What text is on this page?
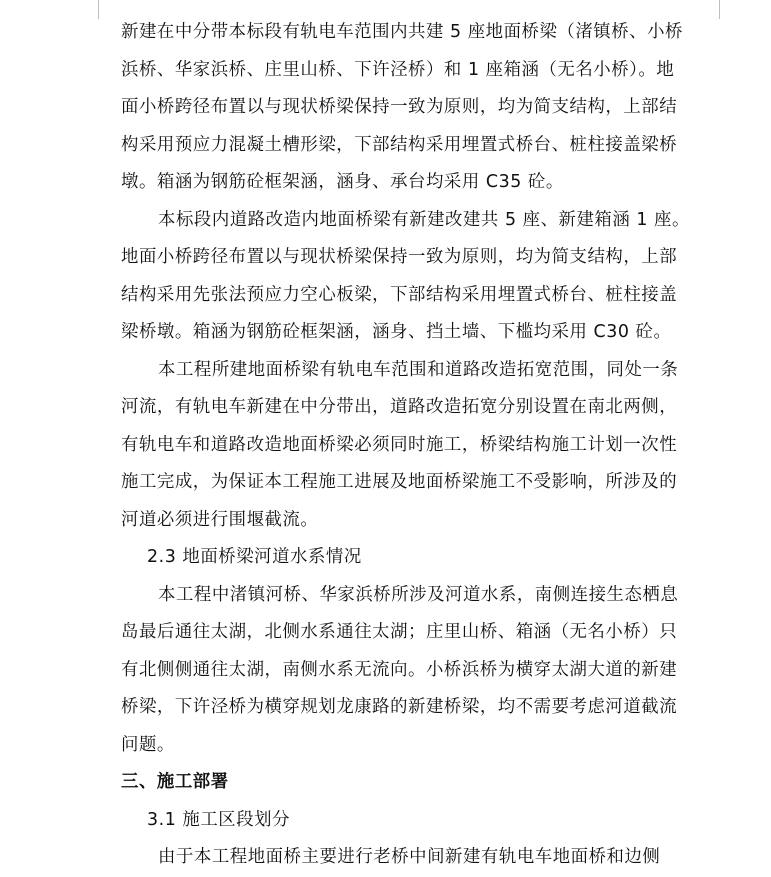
新建在中分带本标段有轨电车范围内共建 5 座地面桥梁（渚镇桥、小桥
浜桥、华家浜桥、庄里山桥、下许泾桥）和 1 座箱涵（无名小桥）。地
面小桥跨径布置以与现状桥梁保持一致为原则，均为简支结构，上部结
构采用预应力混凝土槽形梁，下部结构采用埋置式桥台、桩柱接盖梁桥
墩。箱涵为钢筋砼框架涵，涵身、承台均采用 C35 砼。
本标段内道路改造内地面桥梁有新建改建共 5 座、新建箱涵 1 座。
地面小桥跨径布置以与现状桥梁保持一致为原则，均为简支结构，上部
结构采用先张法预应力空心板梁，下部结构采用埋置式桥台、桩柱接盖
梁桥墩。箱涵为钢筋砼框架涵，涵身、挡土墙、下槛均采用 C30 砼。
本工程所建地面桥梁有轨电车范围和道路改造拓宽范围，同处一条
河流，有轨电车新建在中分带出，道路改造拓宽分别设置在南北两侧，
有轨电车和道路改造地面桥梁必须同时施工，桥梁结构施工计划一次性
施工完成，为保证本工程施工进展及地面桥梁施工不受影响，所涉及的
河道必须进行围堰截流。
2.3 地面桥梁河道水系情况
本工程中渚镇河桥、华家浜桥所涉及河道水系，南侧连接生态栖息
岛最后通往太湖，北侧水系通往太湖；庄里山桥、箱涵（无名小桥）只
有北侧侧通往太湖，南侧水系无流向。小桥浜桥为横穿太湖大道的新建
桥梁，下许泾桥为横穿规划龙康路的新建桥梁，均不需要考虑河道截流
问题。
三、施工部署
3.1 施工区段划分
由于本工程地面桥主要进行老桥中间新建有轨电车地面桥和边侧
